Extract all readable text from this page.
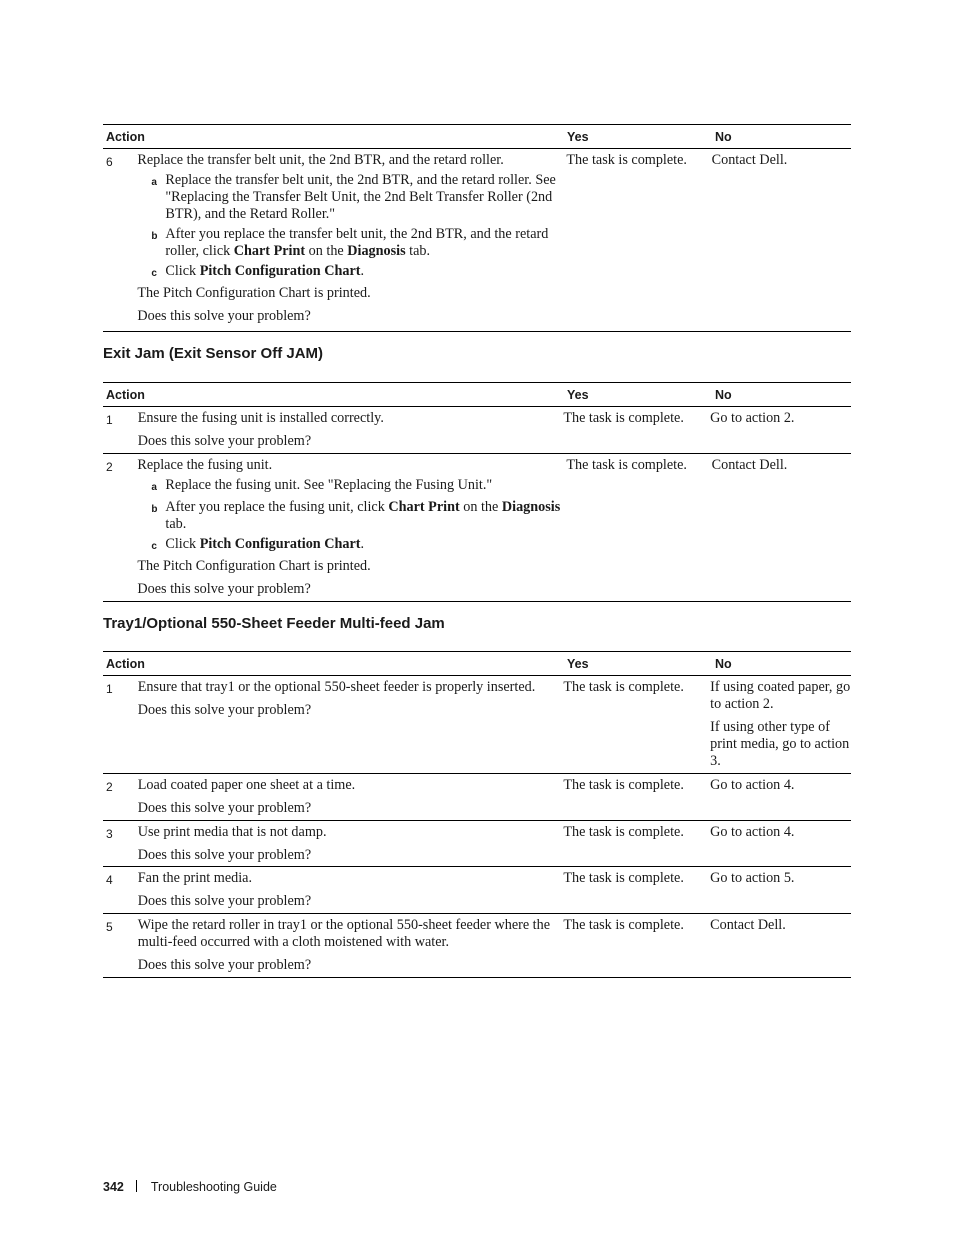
Action	Yes	No
6	Replace the transfer belt unit, the 2nd BTR, and the retard roller.

a Replace the transfer belt unit, the 2nd BTR, and the retard roller. See "Replacing the Transfer Belt Unit, the 2nd Belt Transfer Roller (2nd BTR), and the Retard Roller."
b After you replace the transfer belt unit, the 2nd BTR, and the retard roller, click Chart Print on the Diagnosis tab.
c Click Pitch Configuration Chart.

The Pitch Configuration Chart is printed.

Does this solve your problem?

The task is complete.	Contact Dell.
Exit Jam (Exit Sensor Off JAM)
Action	Yes	No
1	Ensure the fusing unit is installed correctly.

Does this solve your problem?

The task is complete.	Go to action 2.
2	Replace the fusing unit.

a Replace the fusing unit. See "Replacing the Fusing Unit."
b After you replace the fusing unit, click Chart Print on the Diagnosis tab.
c Click Pitch Configuration Chart.

The Pitch Configuration Chart is printed.

Does this solve your problem?

The task is complete.	Contact Dell.
Tray1/Optional 550-Sheet Feeder Multi-feed Jam
Action	Yes	No
1	Ensure that tray1 or the optional 550-sheet feeder is properly inserted.

Does this solve your problem?

The task is complete.	If using coated paper, go to action 2.

If using other type of print media, go to action 3.

2	Load coated paper one sheet at a time.

Does this solve your problem?

The task is complete.	Go to action 4.
3	Use print media that is not damp.

Does this solve your problem?

The task is complete.	Go to action 4.
4	Fan the print media.

Does this solve your problem?

The task is complete.	Go to action 5.
5	Wipe the retard roller in tray1 or the optional 550-sheet feeder where the multi-feed occurred with a cloth moistened with water.

Does this solve your problem?

The task is complete.	Contact Dell.
342 Troubleshooting Guide
